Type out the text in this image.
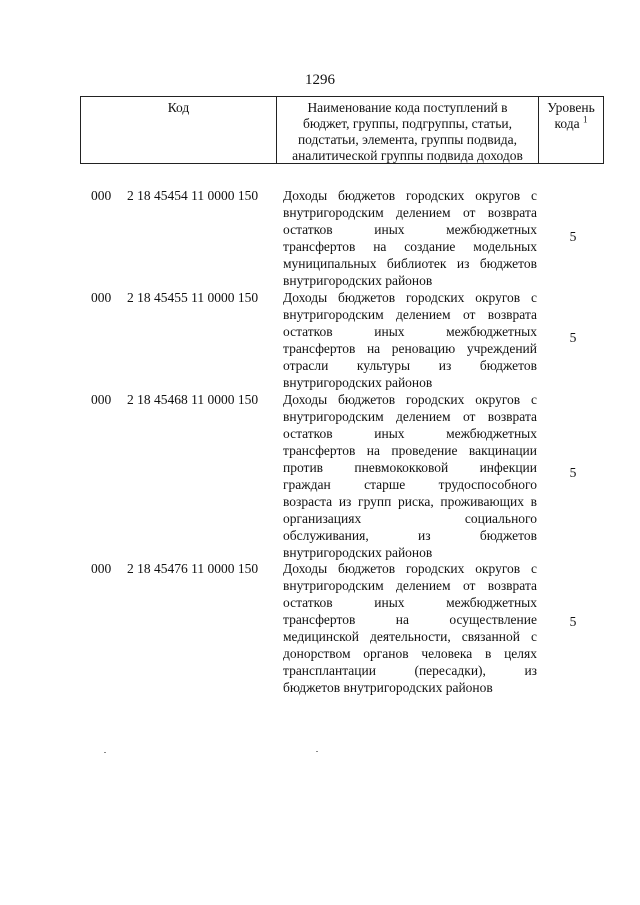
1296
Код	Наименование кода поступлений в
бюджет, группы, подгруппы, статьи,
подстатьи, элемента, группы подвида,
аналитической группы подвида доходов
Уровень
кода $^1$
000 2 18 45454 11 0000 150 Доходы бюджетов городских округов с
внутригородским делением от возврата
остатков иных межбюджетных
трансфертов на создание модельных
муниципальных библиотек из бюджетов
внутригородских районов
5
000 2 18 45455 11 0000 150 Доходы бюджетов городских округов с
внутригородским делением от возврата
остатков иных межбюджетных
трансфертов на реновацию учреждений
отрасли культуры из бюджетов
внутригородских районов
5
000 2 18 45468 11 0000 150 Доходы бюджетов городских округов с
внутригородским делением от возврата
остатков иных межбюджетных
трансфертов на проведение вакцинации
против пневмококковой инфекции
граждан старше трудоспособного
возраста из групп риска, проживающих в
организациях социального
обслуживания, из бюджетов
внутригородских районов
5
000 2 18 45476 11 0000 150 Доходы бюджетов городских округов с
внутригородским делением от возврата
остатков иных межбюджетных
трансфертов на осуществление
медицинской деятельности, связанной с
донорством органов человека в целях
трансплантации (пересадки), из
бюджетов внутригородских районов
5
